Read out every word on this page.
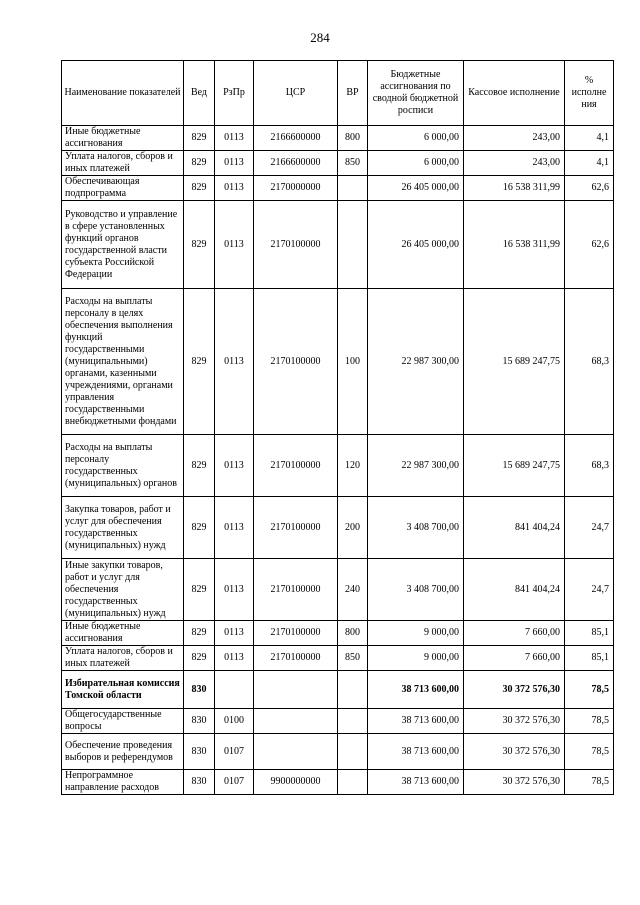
284
Наименование показателей	Вед	РзПр	ЦСР	ВР	Бюджетные ассигнования по сводной бюджетной росписи	Кассовое исполнение	% исполне ния
Иные бюджетные ассигнования	829	0113	2166600000	800	6 000,00	243,00	4,1
Уплата налогов, сборов и иных платежей	829	0113	2166600000	850	6 000,00	243,00	4,1
Обеспечивающая подпрограмма	829	0113	2170000000		26 405 000,00	16 538 311,99	62,6
Руководство и управление в сфере установленных функций органов государственной власти субъекта Российской Федерации	829	0113	2170100000		26 405 000,00	16 538 311,99	62,6
Расходы на выплаты персоналу в целях обеспечения выполнения функций государственными (муниципальными) органами, казенными учреждениями, органами управления государственными внебюджетными фондами	829	0113	2170100000	100	22 987 300,00	15 689 247,75	68,3
Расходы на выплаты персоналу государственных (муниципальных) органов	829	0113	2170100000	120	22 987 300,00	15 689 247,75	68,3
Закупка товаров, работ и услуг для обеспечения государственных (муниципальных) нужд	829	0113	2170100000	200	3 408 700,00	841 404,24	24,7
Иные закупки товаров, работ и услуг для обеспечения государственных (муниципальных) нужд	829	0113	2170100000	240	3 408 700,00	841 404,24	24,7
Иные бюджетные ассигнования	829	0113	2170100000	800	9 000,00	7 660,00	85,1
Уплата налогов, сборов и иных платежей	829	0113	2170100000	850	9 000,00	7 660,00	85,1
Избирательная комиссия Томской области	830				38 713 600,00	30 372 576,30	78,5
Общегосударственные вопросы	830	0100			38 713 600,00	30 372 576,30	78,5
Обеспечение проведения выборов и референдумов	830	0107			38 713 600,00	30 372 576,30	78,5
Непрограммное направление расходов	830	0107	9900000000		38 713 600,00	30 372 576,30	78,5
